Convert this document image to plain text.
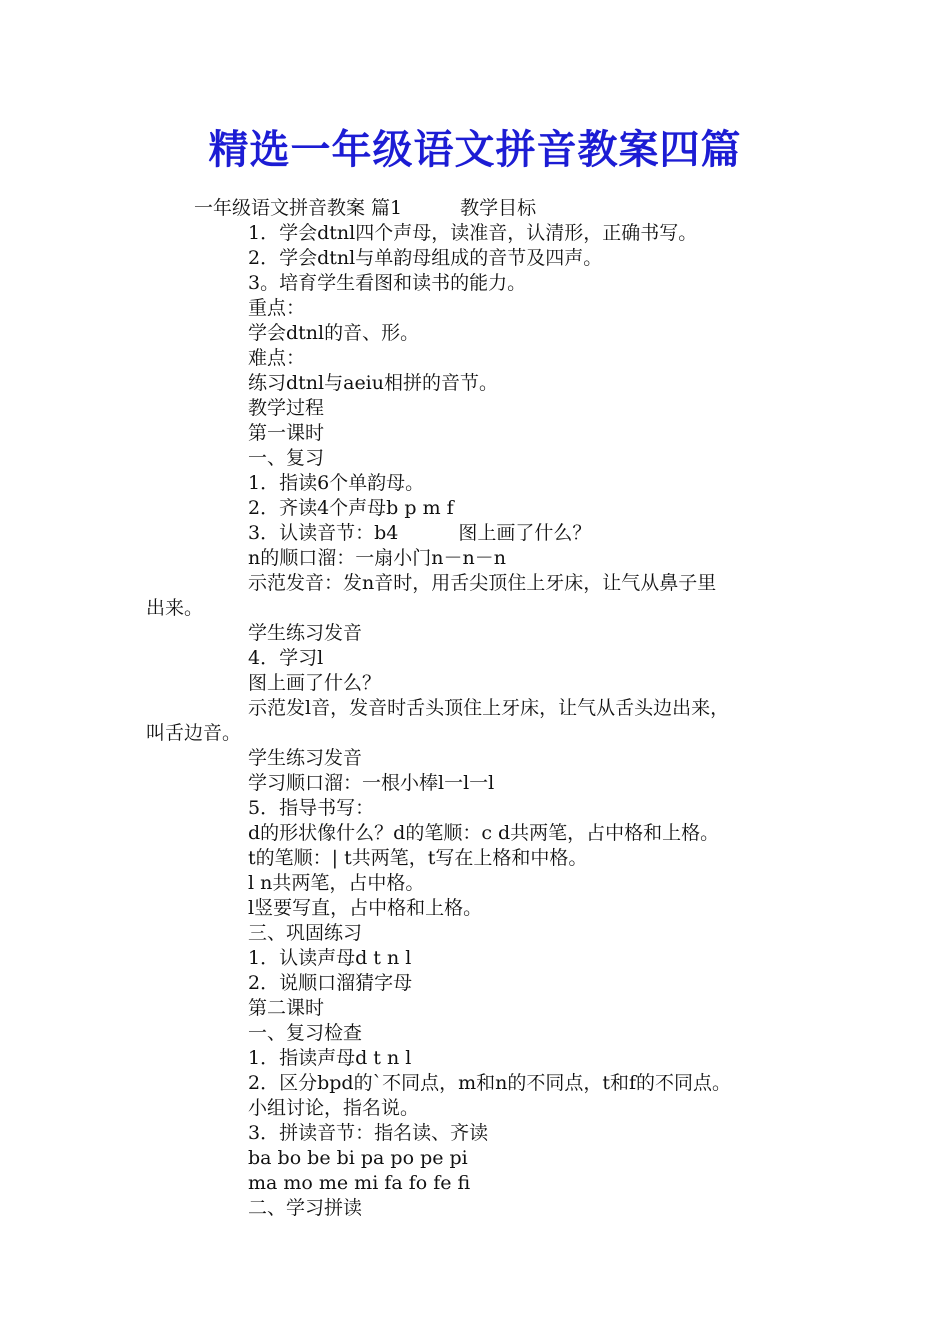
精选一年级语文拼音教案四篇
一年级语文拼音教案 篇1	教学目标
1．学会dtnl四个声母，读准音，认清形，正确书写。
2．学会dtnl与单韵母组成的音节及四声。
3。培育学生看图和读书的能力。
重点：
学会dtnl的音、形。
难点：
练习dtnl与aeiu相拼的音节。
教学过程
第一课时
一、复习
1．指读6个单韵母。
2．齐读4个声母b p m f
3．认读音节：b4	图上画了什么？
n的顺口溜：一扇小门n－n－n
示范发音：发n音时，用舌尖顶住上牙床，让气从鼻子里
出来。
学生练习发音
4．学习l
图上画了什么？
示范发l音，发音时舌头顶住上牙床，让气从舌头边出来，
叫舌边音。
学生练习发音
学习顺口溜：一根小棒l一l一l
5．指导书写：
d的形状像什么？d的笔顺：c d共两笔，占中格和上格。
t的笔顺：| t共两笔，t写在上格和中格。
l n共两笔，占中格。
l竖要写直，占中格和上格。
三、巩固练习
1．认读声母d t n l
2．说顺口溜猜字母
第二课时
一、复习检查
1．指读声母d t n l
2．区分bpd的`不同点，m和n的不同点，t和f的不同点。
小组讨论，指名说。
3．拼读音节：指名读、齐读
ba bo be bi pa po pe pi
ma mo me mi fa fo fe fi
二、学习拼读
